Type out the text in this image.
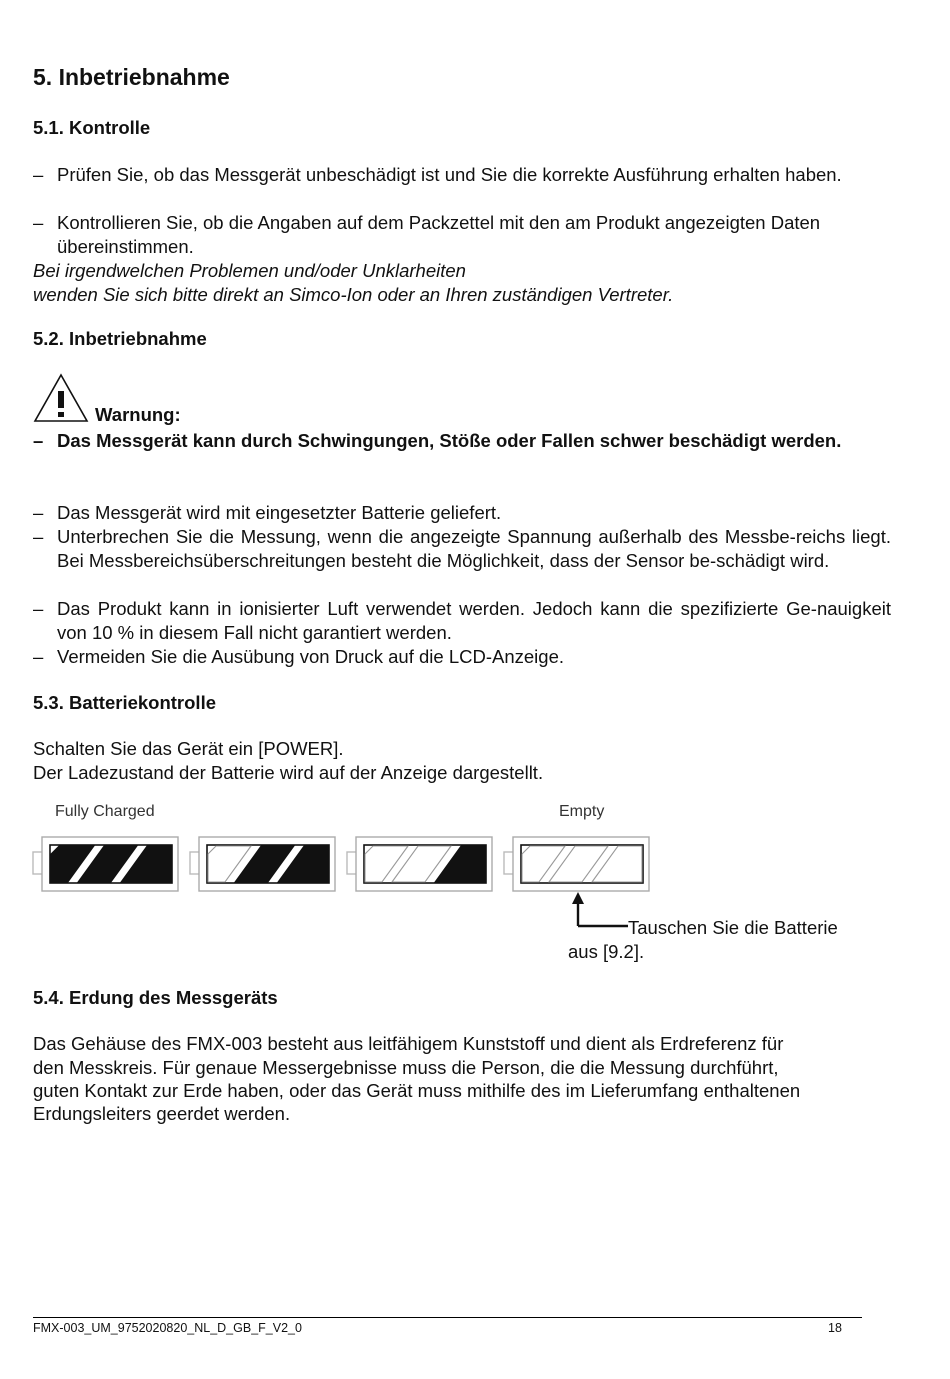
5. Inbetriebnahme
5.1. Kontrolle
– Prüfen Sie, ob das Messgerät unbeschädigt ist und Sie die korrekte Ausführung erhalten haben.
– Kontrollieren Sie, ob die Angaben auf dem Packzettel mit den am Produkt angezeigten Daten übereinstimmen.
Bei irgendwelchen Problemen und/oder Unklarheiten
wenden Sie sich bitte direkt an Simco-Ion oder an Ihren zuständigen Vertreter.
5.2. Inbetriebnahme
Warnung:
– Das Messgerät kann durch Schwingungen, Stöße oder Fallen schwer beschädigt werden.
– Das Messgerät wird mit eingesetzter Batterie geliefert.
– Unterbrechen Sie die Messung, wenn die angezeigte Spannung außerhalb des Messbe-reichs liegt. Bei Messbereichsüberschreitungen besteht die Möglichkeit, dass der Sensor be-schädigt wird.
– Das Produkt kann in ionisierter Luft verwendet werden. Jedoch kann die spezifizierte Ge-nauigkeit von 10 % in diesem Fall nicht garantiert werden.
– Vermeiden Sie die Ausübung von Druck auf die LCD-Anzeige.
5.3. Batteriekontrolle
Schalten Sie das Gerät ein [POWER].
Der Ladezustand der Batterie wird auf der Anzeige dargestellt.
Fully Charged	Empty
Tauschen Sie die Batterie
aus [9.2].
5.4. Erdung des Messgeräts
Das Gehäuse des FMX-003 besteht aus leitfähigem Kunststoff und dient als Erdreferenz für
den Messkreis. Für genaue Messergebnisse muss die Person, die die Messung durchführt,
guten Kontakt zur Erde haben, oder das Gerät muss mithilfe des im Lieferumfang enthaltenen
Erdungsleiters geerdet werden.
FMX-003_UM_9752020820_NL_D_GB_F_V2_0	18
